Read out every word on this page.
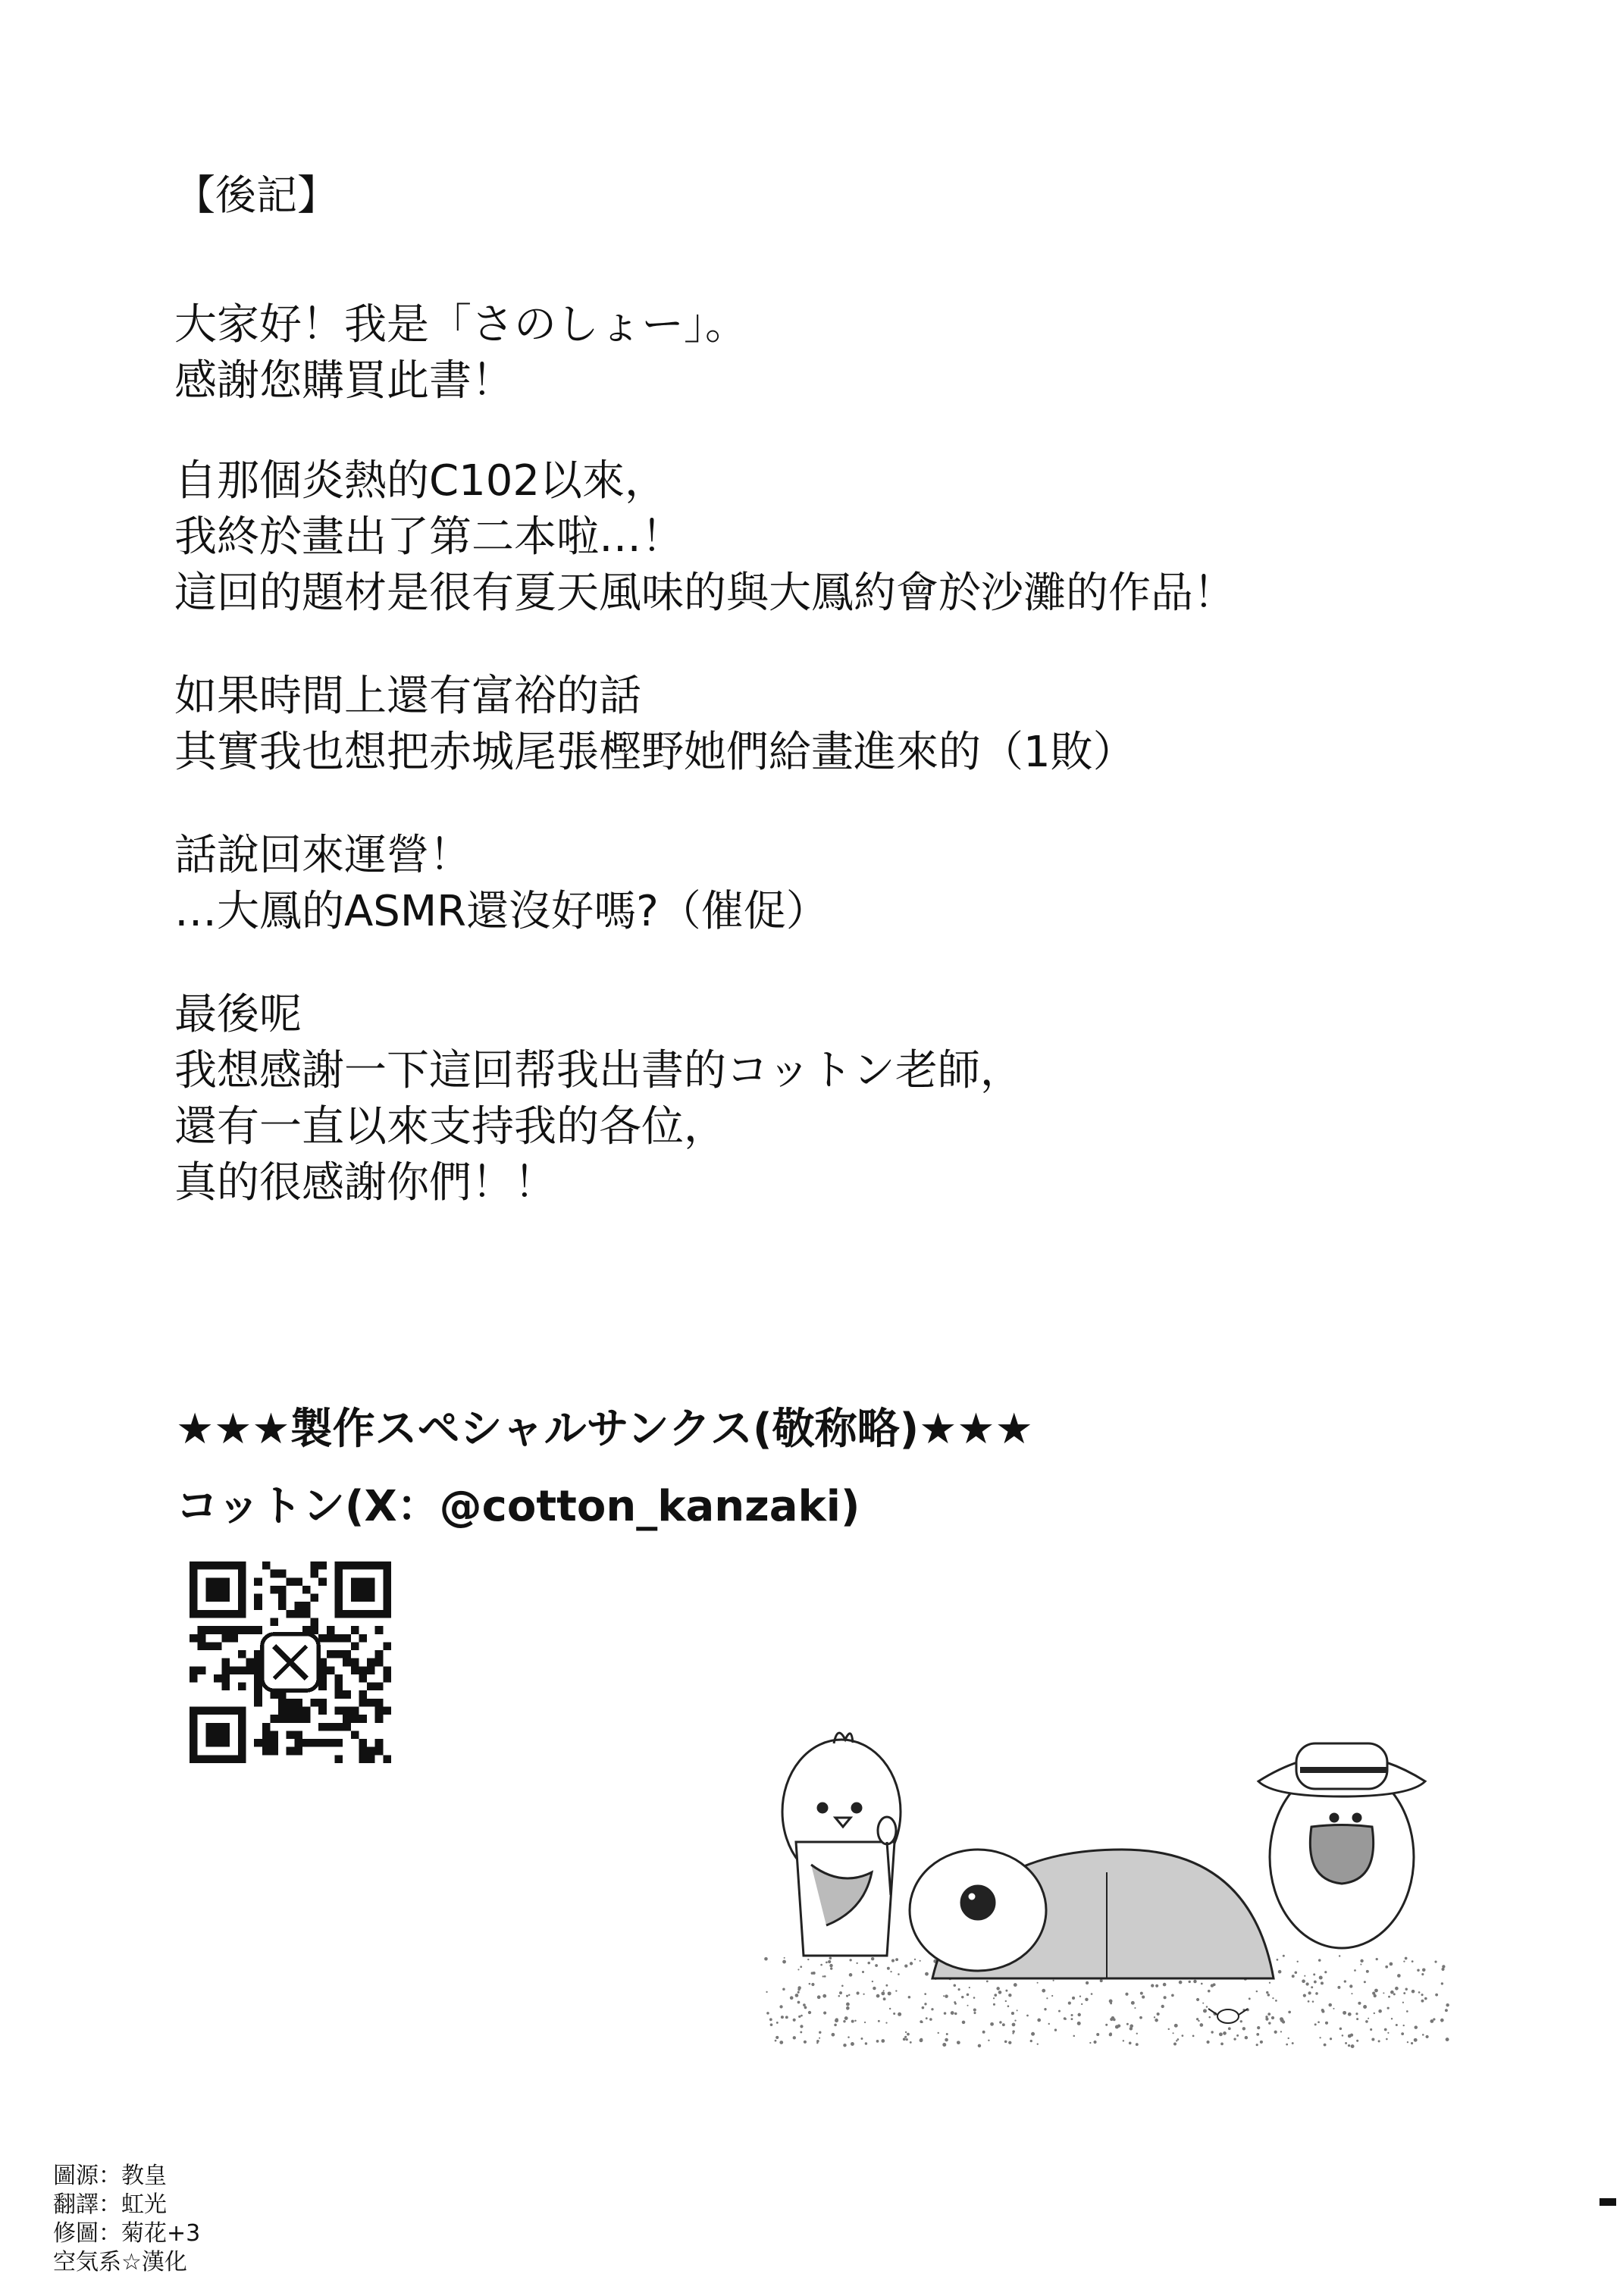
【後記】
大家好！我是「さのしょー」。
感謝您購買此書！
自那個炎熱的C102以來，
我終於畫出了第二本啦…！
這回的題材是很有夏天風味的與大鳳約會於沙灘的作品！
如果時間上還有富裕的話
其實我也想把赤城尾張樫野她們給畫進來的（1敗）
話說回來運營！
…大鳳的ASMR還沒好嗎?（催促）
最後呢
我想感謝一下這回帮我出書的コットン老師，
還有一直以來支持我的各位，
真的很感謝你們！！
★★★製作スペシャルサンクス(敬称略)★★★
コットン(X：@cotton_kanzaki)
圖源：教皇
翻譯：虹光
修圖：菊花+3
空気系☆漢化
